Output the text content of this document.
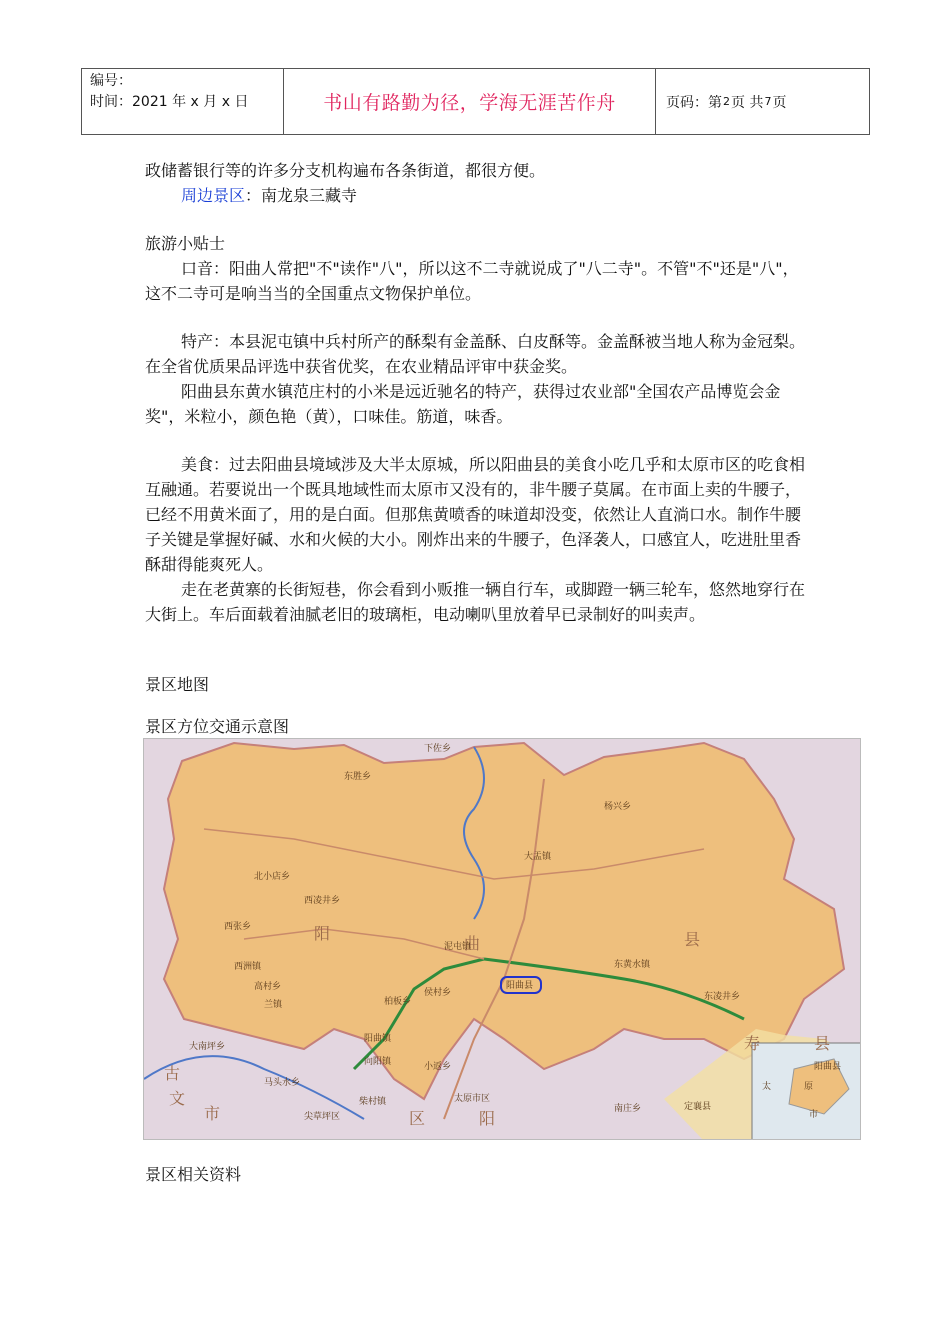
编号：
时间：2021 年 x 月 x 日	书山有路勤为径，学海无涯苦作舟	页码：第 2 页 共 7 页

政储蓄银行等的许多分支机构遍布各条街道，都很方便。

周边景区：南龙泉三藏寺

旅游小贴士

口音：阳曲人常把"不"读作"八"，所以这不二寺就说成了"八二寺"。不管"不"还是"八"，这不二寺可是响当当的全国重点文物保护单位。

特产：本县泥屯镇中兵村所产的酥梨有金盖酥、白皮酥等。金盖酥被当地人称为金冠梨。在全省优质果品评选中获省优奖，在农业精品评审中获金奖。

阳曲县东黄水镇范庄村的小米是远近驰名的特产，获得过农业部"全国农产品博览会金奖"，米粒小，颜色艳（黄），口味佳。筋道，味香。

美食：过去阳曲县境域涉及大半太原城，所以阳曲县的美食小吃几乎和太原市区的吃食相互融通。若要说出一个既具地域性而太原市又没有的，非牛腰子莫属。在市面上卖的牛腰子，已经不用黄米面了，用的是白面。但那焦黄喷香的味道却没变，依然让人直淌口水。制作牛腰子关键是掌握好碱、水和火候的大小。刚炸出来的牛腰子，色泽袭人，口感宜人，吃进肚里香酥甜得能爽死人。

走在老黄寨的长街短巷，你会看到小贩推一辆自行车，或脚蹬一辆三轮车，悠然地穿行在大街上。车后面载着油腻老旧的玻璃柜，电动喇叭里放着早已录制好的叫卖声。

景区地图
景区方位交通示意图
阳
曲	县
古
文
市	区	阳
寿	县
下佐乡
东黄水镇
大盂镇
西凌井乡
泥屯镇
侯村乡
北小店乡
阳曲县
杨兴乡
高村乡
东凌井乡
兰镇	柏板乡
阳曲镇
向阳镇
柴村镇	太原市区
定襄县
南庄乡
西洲镇
东胜乡
马头水乡
小返乡
大南坪乡
尖草坪区
西张乡
太	原
市
阳曲县
景区相关资料
